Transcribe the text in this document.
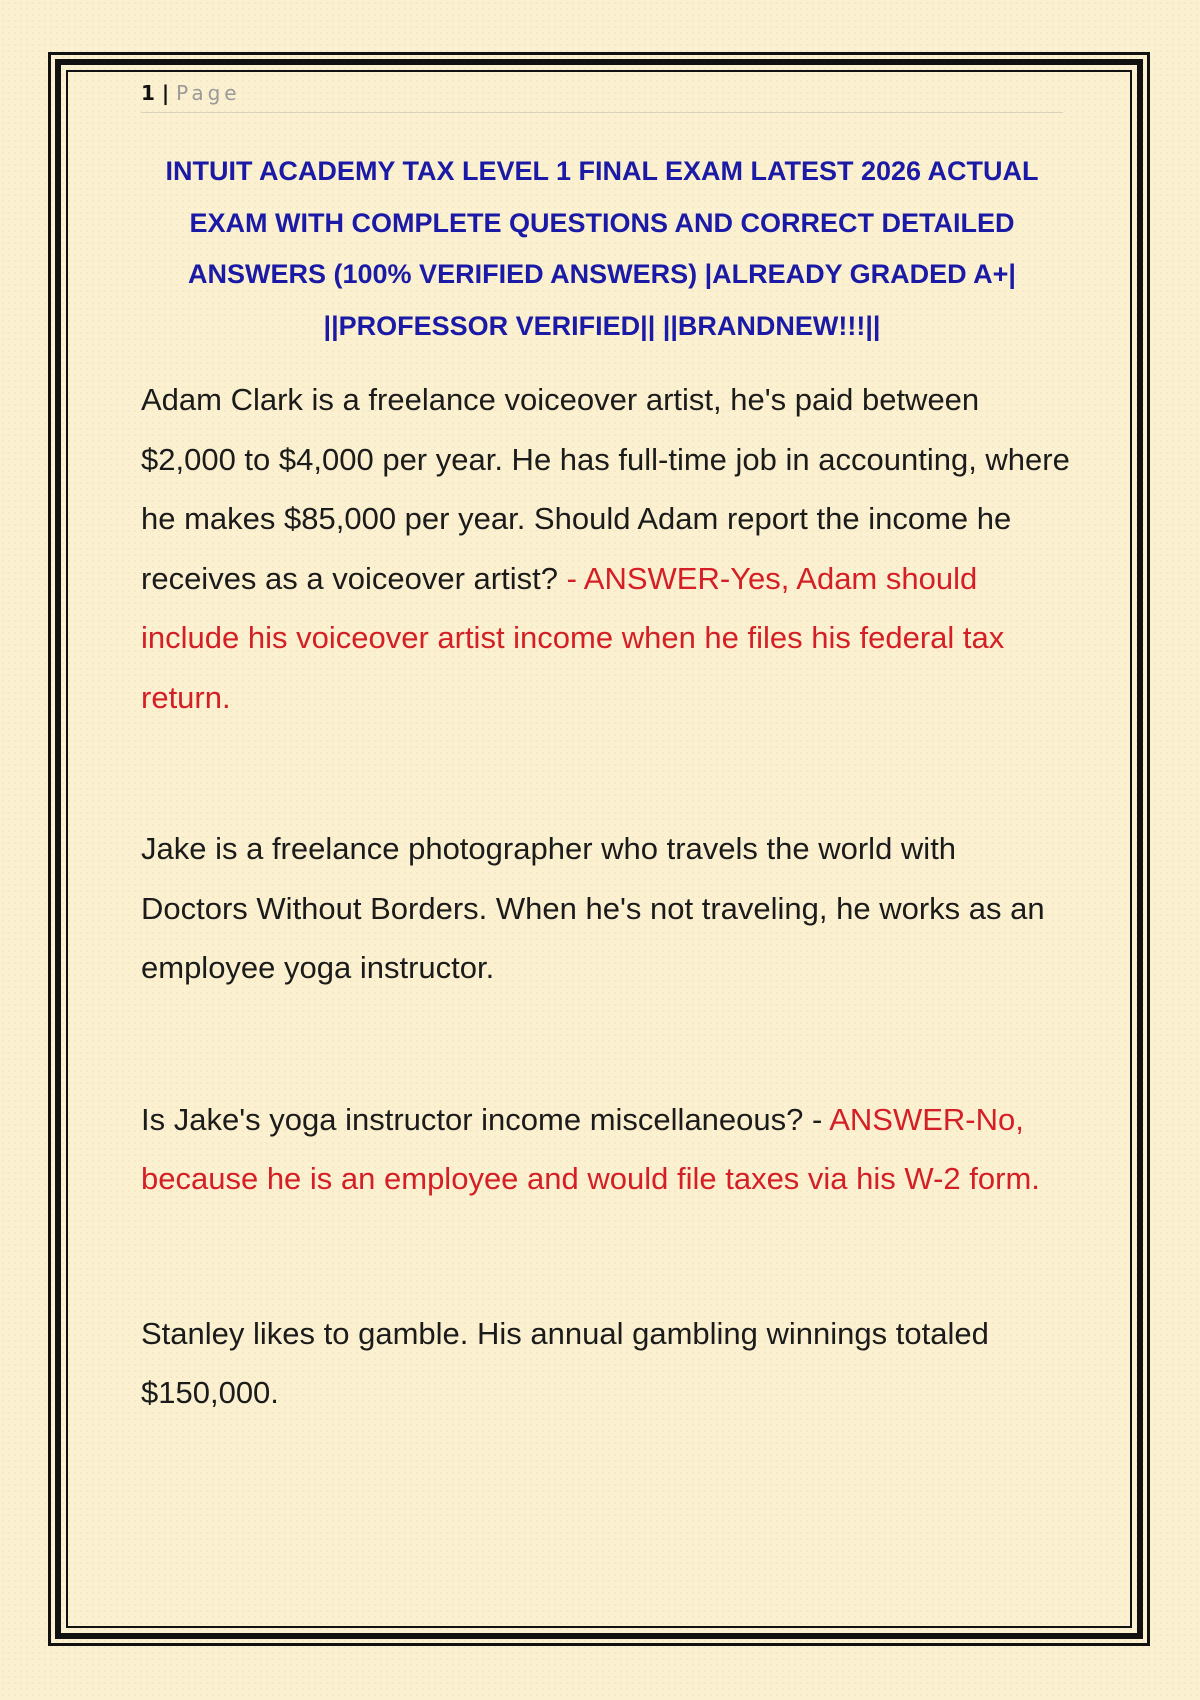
1 | Page
INTUIT ACADEMY TAX LEVEL 1 FINAL EXAM LATEST 2026 ACTUAL EXAM WITH COMPLETE QUESTIONS AND CORRECT DETAILED ANSWERS (100% VERIFIED ANSWERS) |ALREADY GRADED A+| ||PROFESSOR VERIFIED|| ||BRANDNEW!!!||

Adam Clark is a freelance voiceover artist, he's paid between $2,000 to $4,000 per year. He has full-time job in accounting, where he makes $85,000 per year. Should Adam report the income he receives as a voiceover artist? - ANSWER-Yes, Adam should include his voiceover artist income when he files his federal tax return.

Jake is a freelance photographer who travels the world with Doctors Without Borders. When he's not traveling, he works as an employee yoga instructor.

Is Jake's yoga instructor income miscellaneous? - ANSWER-No, because he is an employee and would file taxes via his W-2 form.

Stanley likes to gamble. His annual gambling winnings totaled $150,000.
